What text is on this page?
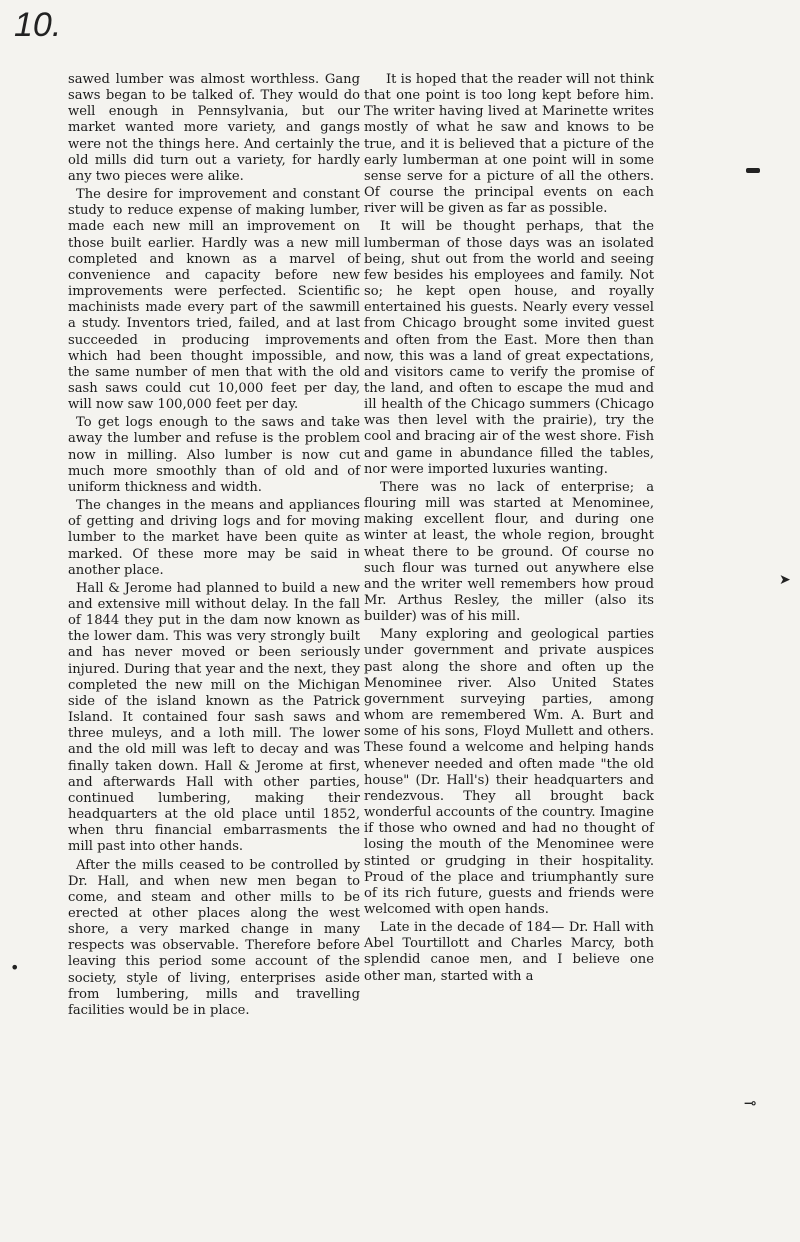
10.

sawed lumber was almost worthless. Gang saws began to be talked of. They would do well enough in Pennsylvania, but our market wanted more variety, and gangs were not the things here. And certainly the old mills did turn out a variety, for hardly any two pieces were alike.

The desire for improvement and constant study to reduce expense of making lumber, made each new mill an improvement on those built earlier. Hardly was a new mill completed and known as a marvel of convenience and capacity before new improvements were perfected. Scientific machinists made every part of the sawmill a study. Inventors tried, failed, and at last succeeded in producing improvements which had been thought impossible, and the same number of men that with the old sash saws could cut 10,000 feet per day, will now saw 100,000 feet per day.

To get logs enough to the saws and take away the lumber and refuse is the problem now in milling. Also lumber is now cut much more smoothly than of old and of uniform thickness and width.

The changes in the means and appliances of getting and driving logs and for moving lumber to the market have been quite as marked. Of these more may be said in another place.

Hall & Jerome had planned to build a new and extensive mill without delay. In the fall of 1844 they put in the dam now known as the lower dam. This was very strongly built and has never moved or been seriously injured. During that year and the next, they completed the new mill on the Michigan side of the island known as the Patrick Island. It contained four sash saws and three muleys, and a loth mill. The lower and the old mill was left to decay and was finally taken down. Hall & Jerome at first, and afterwards Hall with other parties, continued lumbering, making their headquarters at the old place until 1852, when thru financial embarrasments the mill past into other hands.

After the mills ceased to be controlled by Dr. Hall, and when new men began to come, and steam and other mills to be erected at other places along the west shore, a very marked change in many respects was observable. Therefore before leaving this period some account of the society, style of living, enterprises aside from lumbering, mills and travelling facilities would be in place.

It is hoped that the reader will not think that one point is too long kept before him. The writer having lived at Marinette writes mostly of what he saw and knows to be true, and it is believed that a picture of the early lumberman at one point will in some sense serve for a picture of all the others. Of course the principal events on each river will be given as far as possible.

It will be thought perhaps, that the lumberman of those days was an isolated being, shut out from the world and seeing few besides his employees and family. Not so; he kept open house, and royally entertained his guests. Nearly every vessel from Chicago brought some invited guest and often from the East. More then than now, this was a land of great expectations, and visitors came to verify the promise of the land, and often to escape the mud and ill health of the Chicago summers (Chicago was then level with the prairie), try the cool and bracing air of the west shore. Fish and game in abundance filled the tables, nor were imported luxuries wanting.

There was no lack of enterprise; a flouring mill was started at Menominee, making excellent flour, and during one winter at least, the whole region, brought wheat there to be ground. Of course no such flour was turned out anywhere else and the writer well remembers how proud Mr. Arthus Resley, the miller (also its builder) was of his mill.

Many exploring and geological parties under government and private auspices past along the shore and often up the Menominee river. Also United States government surveying parties, among whom are remembered Wm. A. Burt and some of his sons, Floyd Mullett and others. These found a welcome and helping hands whenever needed and often made "the old house" (Dr. Hall's) their headquarters and rendezvous. They all brought back wonderful accounts of the country. Imagine if those who owned and had no thought of losing the mouth of the Menominee were stinted or grudging in their hospitality. Proud of the place and triumphantly sure of its rich future, guests and friends were welcomed with open hands.

Late in the decade of 184— Dr. Hall with Abel Tourtillott and Charles Marcy, both splendid canoe men, and I believe one other man, started with a

➤
•
⊸
